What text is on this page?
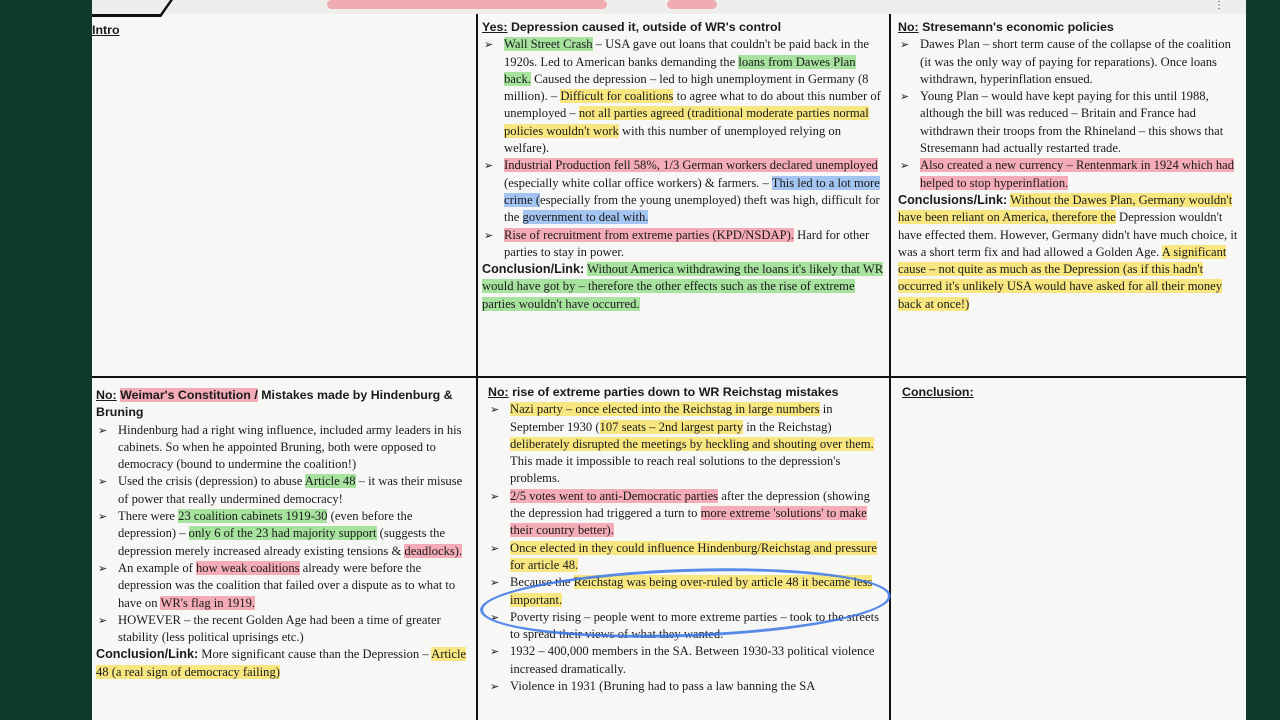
⋮

Intro	Yes: Depression caused it, outside of WR's control

➢ Wall Street Crash – USA gave out loans that couldn't be paid back in the 1920s. Led to American banks demanding the loans from Dawes Plan back. Caused the depression – led to high unemployment in Germany (8 million). – Difficult for coalitions to agree what to do about this number of unemployed – not all parties agreed (traditional moderate parties normal policies wouldn't work with this number of unemployed relying on welfare).
➢ Industrial Production fell 58%, 1/3 German workers declared unemployed (especially white collar office workers) & farmers. – This led to a lot more crime (especially from the young unemployed) theft was high, difficult for the government to deal with.
➢ Rise of recruitment from extreme parties (KPD/NSDAP). Hard for other parties to stay in power.

Conclusion/Link: Without America withdrawing the loans it's likely that WR would have got by – therefore the other effects such as the rise of extreme parties wouldn't have occurred.

No: Stresemann's economic policies

➢ Dawes Plan – short term cause of the collapse of the coalition (it was the only way of paying for reparations). Once loans withdrawn, hyperinflation ensued.
➢ Young Plan – would have kept paying for this until 1988, although the bill was reduced – Britain and France had withdrawn their troops from the Rhineland – this shows that Stresemann had actually restarted trade.
➢ Also created a new currency – Rentenmark in 1924 which had helped to stop hyperinflation.

Conclusions/Link: Without the Dawes Plan, Germany wouldn't have been reliant on America, therefore the Depression wouldn't have effected them. However, Germany didn't have much choice, it was a short term fix and had allowed a Golden Age. A significant cause – not quite as much as the Depression (as if this hadn't occurred it's unlikely USA would have asked for all their money back at once!)

No: Weimar's Constitution / Mistakes made by Hindenburg & Bruning

➢ Hindenburg had a right wing influence, included army leaders in his cabinets. So when he appointed Bruning, both were opposed to democracy (bound to undermine the coalition!)
➢ Used the crisis (depression) to abuse Article 48 – it was their misuse of power that really undermined democracy!
➢ There were 23 coalition cabinets 1919-30 (even before the depression) – only 6 of the 23 had majority support (suggests the depression merely increased already existing tensions & deadlocks).
➢ An example of how weak coalitions already were before the depression was the coalition that failed over a dispute as to what to have on WR's flag in 1919.
➢ HOWEVER – the recent Golden Age had been a time of greater stability (less political uprisings etc.)

Conclusion/Link: More significant cause than the Depression – Article 48 (a real sign of democracy failing)

No: rise of extreme parties down to WR Reichstag mistakes

➢ Nazi party – once elected into the Reichstag in large numbers in September 1930 (107 seats – 2nd largest party in the Reichstag) deliberately disrupted the meetings by heckling and shouting over them. This made it impossible to reach real solutions to the depression's problems.
➢ 2/5 votes went to anti-Democratic parties after the depression (showing the depression had triggered a turn to more extreme 'solutions' to make their country better).
➢ Once elected in they could influence Hindenburg/Reichstag and pressure for article 48.
➢ Because the Reichstag was being over-ruled by article 48 it became less important.
➢ Poverty rising – people went to more extreme parties – took to the streets to spread their views of what they wanted.
➢ 1932 – 400,000 members in the SA. Between 1930-33 political violence increased dramatically.
➢ Violence in 1931 (Bruning had to pass a law banning the SA

Conclusion:
